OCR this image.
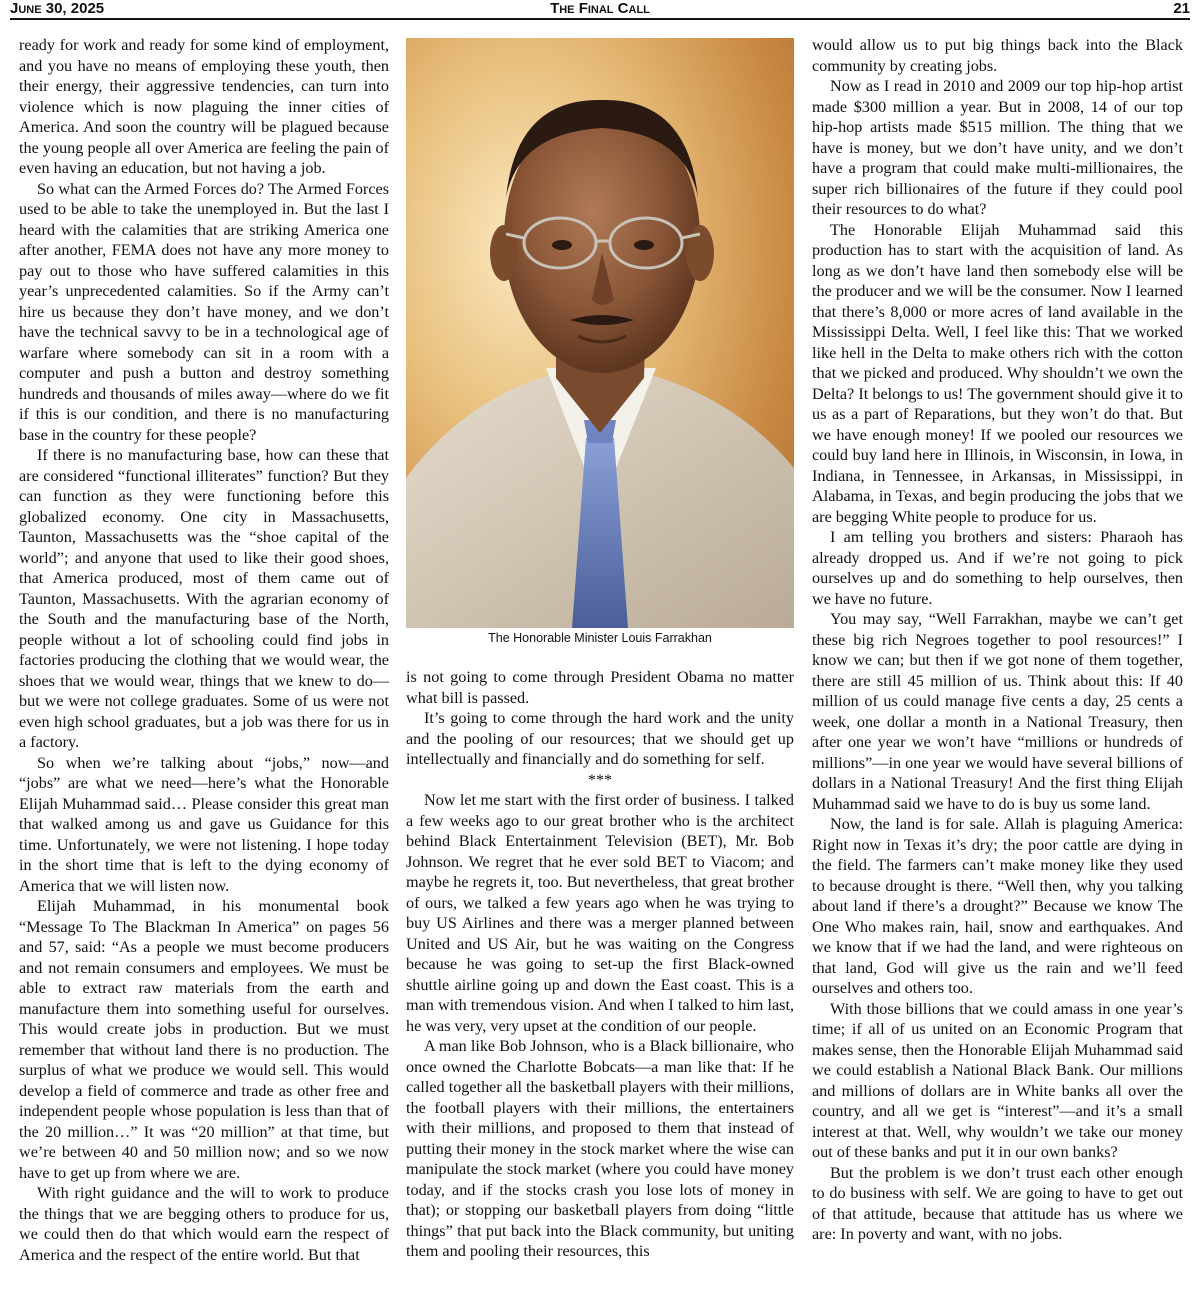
June 30, 2025	The Final Call	21

ready for work and ready for some kind of employment, and you have no means of employing these youth, then their energy, their aggressive tendencies, can turn into violence which is now plaguing the inner cities of America. And soon the country will be plagued because the young people all over America are feeling the pain of even having an education, but not having a job.

So what can the Armed Forces do? The Armed Forces used to be able to take the unemployed in. But the last I heard with the calamities that are striking America one after another, FEMA does not have any more money to pay out to those who have suffered calamities in this year’s unprecedented calamities. So if the Army can’t hire us because they don’t have money, and we don’t have the technical savvy to be in a technological age of warfare where somebody can sit in a room with a computer and push a button and destroy something hundreds and thousands of miles away—where do we fit if this is our condition, and there is no manufacturing base in the country for these people?

If there is no manufacturing base, how can these that are considered “functional illiterates” function? But they can function as they were functioning before this globalized economy. One city in Massachusetts, Taunton, Massachusetts was the “shoe capital of the world”; and anyone that used to like their good shoes, that America produced, most of them came out of Taunton, Massachusetts. With the agrarian economy of the South and the manufacturing base of the North, people without a lot of schooling could find jobs in factories producing the clothing that we would wear, the shoes that we would wear, things that we knew to do—but we were not college graduates. Some of us were not even high school graduates, but a job was there for us in a factory.

So when we’re talking about “jobs,” now—and “jobs” are what we need—here’s what the Honorable Elijah Muhammad said… Please consider this great man that walked among us and gave us Guidance for this time. Unfortunately, we were not listening. I hope today in the short time that is left to the dying economy of America that we will listen now.

Elijah Muhammad, in his monumental book “Message To The Blackman In America” on pages 56 and 57, said: “As a people we must become producers and not remain consumers and employees. We must be able to extract raw materials from the earth and manufacture them into something useful for ourselves. This would create jobs in production. But we must remember that without land there is no production. The surplus of what we produce we would sell. This would develop a field of commerce and trade as other free and independent people whose population is less than that of the 20 million…” It was “20 million” at that time, but we’re between 40 and 50 million now; and so we now have to get up from where we are.

With right guidance and the will to work to produce the things that we are begging others to produce for us, we could then do that which would earn the respect of America and the respect of the entire world. But that

The Honorable Minister Louis Farrakhan

is not going to come through President Obama no matter what bill is passed.

It’s going to come through the hard work and the unity and the pooling of our resources; that we should get up intellectually and financially and do something for self.

***

Now let me start with the first order of business. I talked a few weeks ago to our great brother who is the architect behind Black Entertainment Television (BET), Mr. Bob Johnson. We regret that he ever sold BET to Viacom; and maybe he regrets it, too. But nevertheless, that great brother of ours, we talked a few years ago when he was trying to buy US Airlines and there was a merger planned between United and US Air, but he was waiting on the Congress because he was going to set-up the first Black-owned shuttle airline going up and down the East coast. This is a man with tremendous vision. And when I talked to him last, he was very, very upset at the condition of our people.

A man like Bob Johnson, who is a Black billionaire, who once owned the Charlotte Bobcats—a man like that: If he called together all the basketball players with their millions, the football players with their millions, the entertainers with their millions, and proposed to them that instead of putting their money in the stock market where the wise can manipulate the stock market (where you could have money today, and if the stocks crash you lose lots of money in that); or stopping our basketball players from doing “little things” that put back into the Black community, but uniting them and pooling their resources, this

would allow us to put big things back into the Black community by creating jobs.

Now as I read in 2010 and 2009 our top hip-hop artist made $300 million a year. But in 2008, 14 of our top hip-hop artists made $515 million. The thing that we have is money, but we don’t have unity, and we don’t have a program that could make multi-millionaires, the super rich billionaires of the future if they could pool their resources to do what?

The Honorable Elijah Muhammad said this production has to start with the acquisition of land. As long as we don’t have land then somebody else will be the producer and we will be the consumer. Now I learned that there’s 8,000 or more acres of land available in the Mississippi Delta. Well, I feel like this: That we worked like hell in the Delta to make others rich with the cotton that we picked and produced. Why shouldn’t we own the Delta? It belongs to us! The government should give it to us as a part of Reparations, but they won’t do that. But we have enough money! If we pooled our resources we could buy land here in Illinois, in Wisconsin, in Iowa, in Indiana, in Tennessee, in Arkansas, in Mississippi, in Alabama, in Texas, and begin producing the jobs that we are begging White people to produce for us.

I am telling you brothers and sisters: Pharaoh has already dropped us. And if we’re not going to pick ourselves up and do something to help ourselves, then we have no future.

You may say, “Well Farrakhan, maybe we can’t get these big rich Negroes together to pool resources!” I know we can; but then if we got none of them together, there are still 45 million of us. Think about this: If 40 million of us could manage five cents a day, 25 cents a week, one dollar a month in a National Treasury, then after one year we won’t have “millions or hundreds of millions”—in one year we would have several billions of dollars in a National Treasury! And the first thing Elijah Muhammad said we have to do is buy us some land.

Now, the land is for sale. Allah is plaguing America: Right now in Texas it’s dry; the poor cattle are dying in the field. The farmers can’t make money like they used to because drought is there. “Well then, why you talking about land if there’s a drought?” Because we know The One Who makes rain, hail, snow and earthquakes. And we know that if we had the land, and were righteous on that land, God will give us the rain and we’ll feed ourselves and others too.

With those billions that we could amass in one year’s time; if all of us united on an Economic Program that makes sense, then the Honorable Elijah Muhammad said we could establish a National Black Bank. Our millions and millions of dollars are in White banks all over the country, and all we get is “interest”—and it’s a small interest at that. Well, why wouldn’t we take our money out of these banks and put it in our own banks?

But the problem is we don’t trust each other enough to do business with self. We are going to have to get out of that attitude, because that attitude has us where we are: In poverty and want, with no jobs.
